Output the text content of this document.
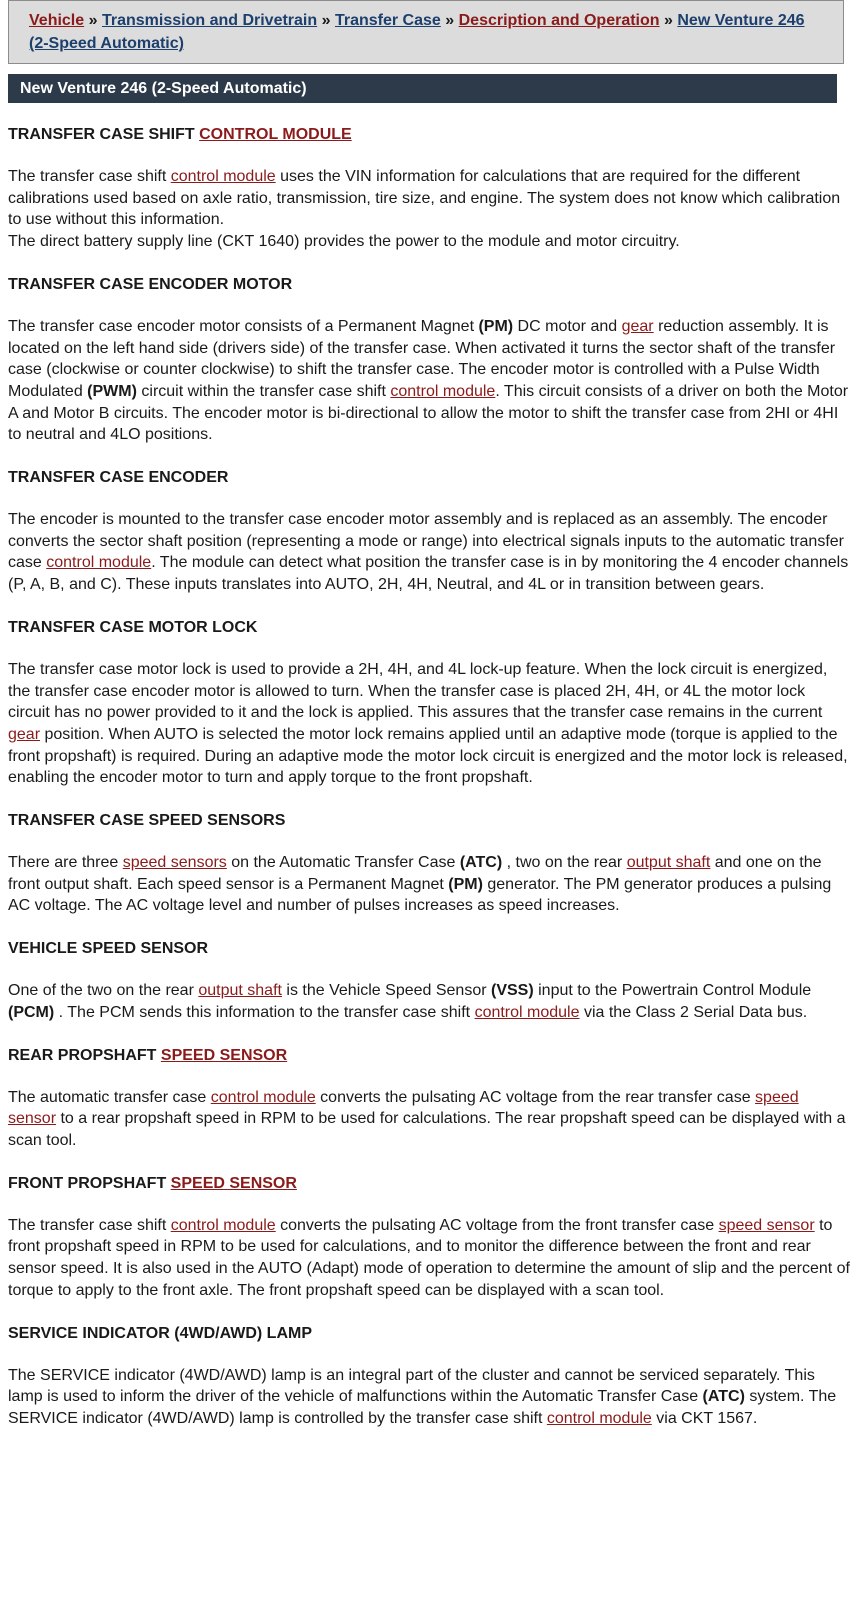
Vehicle » Transmission and Drivetrain » Transfer Case » Description and Operation » New Venture 246 (2-Speed Automatic)
New Venture 246 (2-Speed Automatic)
TRANSFER CASE SHIFT CONTROL MODULE

The transfer case shift control module uses the VIN information for calculations that are required for the different calibrations used based on axle ratio, transmission, tire size, and engine. The system does not know which calibration to use without this information.
The direct battery supply line (CKT 1640) provides the power to the module and motor circuitry.

TRANSFER CASE ENCODER MOTOR

The transfer case encoder motor consists of a Permanent Magnet (PM) DC motor and gear reduction assembly. It is located on the left hand side (drivers side) of the transfer case. When activated it turns the sector shaft of the transfer case (clockwise or counter clockwise) to shift the transfer case. The encoder motor is controlled with a Pulse Width Modulated (PWM) circuit within the transfer case shift control module. This circuit consists of a driver on both the Motor A and Motor B circuits. The encoder motor is bi-directional to allow the motor to shift the transfer case from 2HI or 4HI to neutral and 4LO positions.

TRANSFER CASE ENCODER

The encoder is mounted to the transfer case encoder motor assembly and is replaced as an assembly. The encoder converts the sector shaft position (representing a mode or range) into electrical signals inputs to the automatic transfer case control module. The module can detect what position the transfer case is in by monitoring the 4 encoder channels (P, A, B, and C). These inputs translates into AUTO, 2H, 4H, Neutral, and 4L or in transition between gears.

TRANSFER CASE MOTOR LOCK

The transfer case motor lock is used to provide a 2H, 4H, and 4L lock-up feature. When the lock circuit is energized, the transfer case encoder motor is allowed to turn. When the transfer case is placed 2H, 4H, or 4L the motor lock circuit has no power provided to it and the lock is applied. This assures that the transfer case remains in the current gear position. When AUTO is selected the motor lock remains applied until an adaptive mode (torque is applied to the front propshaft) is required. During an adaptive mode the motor lock circuit is energized and the motor lock is released, enabling the encoder motor to turn and apply torque to the front propshaft.

TRANSFER CASE SPEED SENSORS

There are three speed sensors on the Automatic Transfer Case (ATC) , two on the rear output shaft and one on the front output shaft. Each speed sensor is a Permanent Magnet (PM) generator. The PM generator produces a pulsing AC voltage. The AC voltage level and number of pulses increases as speed increases.

VEHICLE SPEED SENSOR

One of the two on the rear output shaft is the Vehicle Speed Sensor (VSS) input to the Powertrain Control Module (PCM) . The PCM sends this information to the transfer case shift control module via the Class 2 Serial Data bus.

REAR PROPSHAFT SPEED SENSOR

The automatic transfer case control module converts the pulsating AC voltage from the rear transfer case speed sensor to a rear propshaft speed in RPM to be used for calculations. The rear propshaft speed can be displayed with a scan tool.

FRONT PROPSHAFT SPEED SENSOR

The transfer case shift control module converts the pulsating AC voltage from the front transfer case speed sensor to front propshaft speed in RPM to be used for calculations, and to monitor the difference between the front and rear sensor speed. It is also used in the AUTO (Adapt) mode of operation to determine the amount of slip and the percent of torque to apply to the front axle. The front propshaft speed can be displayed with a scan tool.

SERVICE INDICATOR (4WD/AWD) LAMP

The SERVICE indicator (4WD/AWD) lamp is an integral part of the cluster and cannot be serviced separately. This lamp is used to inform the driver of the vehicle of malfunctions within the Automatic Transfer Case (ATC) system. The SERVICE indicator (4WD/AWD) lamp is controlled by the transfer case shift control module via CKT 1567.
